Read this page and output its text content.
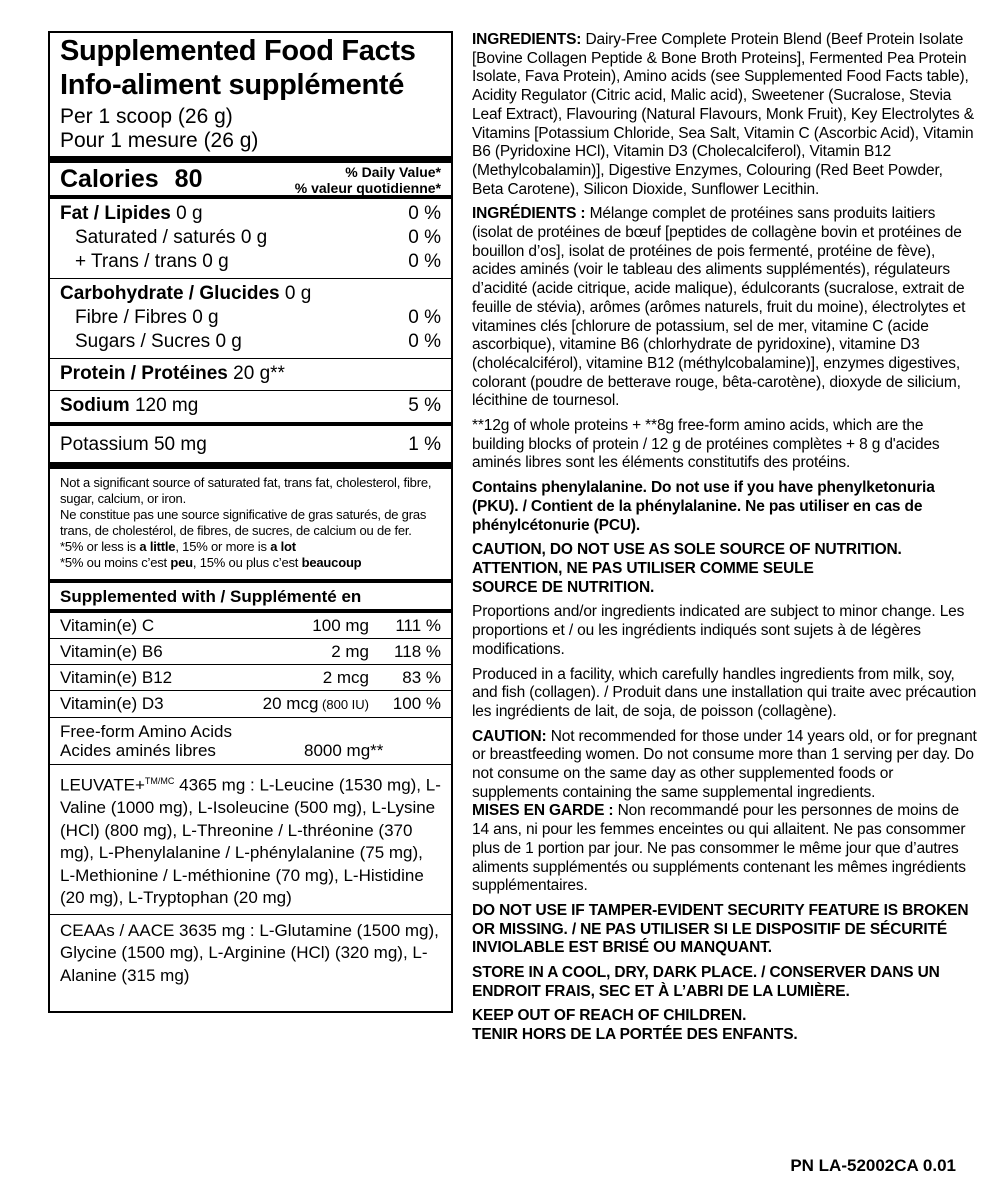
Supplemented Food Facts
Info-aliment supplémenté
Per 1 scoop (26 g)
Pour 1 mesure (26 g)
Calories 80	% Daily Value*
% valeur quotidienne*
Fat / Lipides 0 g	0 %
Saturated / saturés 0 g	0 %
+ Trans / trans 0 g	0 %
Carbohydrate / Glucides 0 g
Fibre / Fibres 0 g	0 %
Sugars / Sucres 0 g	0 %
Protein / Protéines 20 g**
Sodium 120 mg	5 %
Potassium 50 mg	1 %
Not a significant source of saturated fat, trans fat, cholesterol, fibre, sugar, calcium, or iron.
Ne constitue pas une source significative de gras saturés, de gras trans, de cholestérol, de fibres, de sucres, de calcium ou de fer.
*5% or less is a little, 15% or more is a lot
*5% ou moins c’est peu, 15% ou plus c’est beaucoup
Supplemented with / Supplémenté en
Vitamin(e) C	100 mg	111 %
Vitamin(e) B6	2 mg	118 %
Vitamin(e) B12	2 mcg	83 %
Vitamin(e) D3	20 mcg (800 IU)	100 %
Free-form Amino Acids
Acides aminés libres	8000 mg**
LEUVATE+$^{TM/MC}$ 4365 mg : L-Leucine (1530 mg), L-Valine (1000 mg), L-Isoleucine (500 mg), L-Lysine (HCl) (800 mg), L-Threonine / L-thréonine (370 mg), L-Phenylalanine / L-phénylalanine (75 mg), L-Methionine / L-méthionine (70 mg), L-Histidine (20 mg), L-Tryptophan (20 mg)
CEAAs / AACE 3635 mg : L-Glutamine (1500 mg), Glycine (1500 mg), L-Arginine (HCl) (320 mg), L-Alanine (315 mg)

INGREDIENTS: Dairy-Free Complete Protein Blend (Beef Protein Isolate [Bovine Collagen Peptide & Bone Broth Proteins], Fermented Pea Protein Isolate, Fava Protein), Amino acids (see Supplemented Food Facts table), Acidity Regulator (Citric acid, Malic acid), Sweetener (Sucralose, Stevia Leaf Extract), Flavouring (Natural Flavours, Monk Fruit), Key Electrolytes & Vitamins [Potassium Chloride, Sea Salt, Vitamin C (Ascorbic Acid), Vitamin B6 (Pyridoxine HCl), Vitamin D3 (Cholecalciferol), Vitamin B12 (Methylcobalamin)], Digestive Enzymes, Colouring (Red Beet Powder, Beta Carotene), Silicon Dioxide, Sunflower Lecithin.

INGRÉDIENTS : Mélange complet de protéines sans produits laitiers (isolat de protéines de bœuf [peptides de collagène bovin et protéines de bouillon d’os], isolat de protéines de pois fermenté, protéine de fève), acides aminés (voir le tableau des aliments supplémentés), régulateurs d’acidité (acide citrique, acide malique), édulcorants (sucralose, extrait de feuille de stévia), arômes (arômes naturels, fruit du moine), électrolytes et vitamines clés [chlorure de potassium, sel de mer, vitamine C (acide ascorbique), vitamine B6 (chlorhydrate de pyridoxine), vitamine D3 (cholécalciférol), vitamine B12 (méthylcobalamine)], enzymes digestives, colorant (poudre de betterave rouge, bêta-carotène), dioxyde de silicium, lécithine de tournesol.

**12g of whole proteins + **8g free-form amino acids, which are the building blocks of protein / 12 g de protéines complètes + 8 g d'acides aminés libres sont les éléments constitutifs des protéins.

Contains phenylalanine. Do not use if you have phenylketonuria (PKU). / Contient de la phénylalanine. Ne pas utiliser en cas de phénylcétonurie (PCU).

CAUTION, DO NOT USE AS SOLE SOURCE OF NUTRITION.
ATTENTION, NE PAS UTILISER COMME SEULE
SOURCE DE NUTRITION.

Proportions and/or ingredients indicated are subject to minor change. Les proportions et / ou les ingrédients indiqués sont sujets à de légères modifications.

Produced in a facility, which carefully handles ingredients from milk, soy, and fish (collagen). / Produit dans une installation qui traite avec précaution les ingrédients de lait, de soja, de poisson (collagène).

CAUTION: Not recommended for those under 14 years old, or for pregnant or breastfeeding women. Do not consume more than 1 serving per day. Do not consume on the same day as other supplemented foods or supplements containing the same supplemental ingredients.

MISES EN GARDE : Non recommandé pour les personnes de moins de 14 ans, ni pour les femmes enceintes ou qui allaitent. Ne pas consommer plus de 1 portion par jour. Ne pas consommer le même jour que d’autres aliments supplémentés ou suppléments contenant les mêmes ingrédients supplémentaires.

DO NOT USE IF TAMPER-EVIDENT SECURITY FEATURE IS BROKEN OR MISSING. / NE PAS UTILISER SI LE DISPOSITIF DE SÉCURITÉ INVIOLABLE EST BRISÉ OU MANQUANT.

STORE IN A COOL, DRY, DARK PLACE. / CONSERVER DANS UN ENDROIT FRAIS, SEC ET À L’ABRI DE LA LUMIÈRE.

KEEP OUT OF REACH OF CHILDREN.
TENIR HORS DE LA PORTÉE DES ENFANTS.

PN LA-52002CA 0.01
